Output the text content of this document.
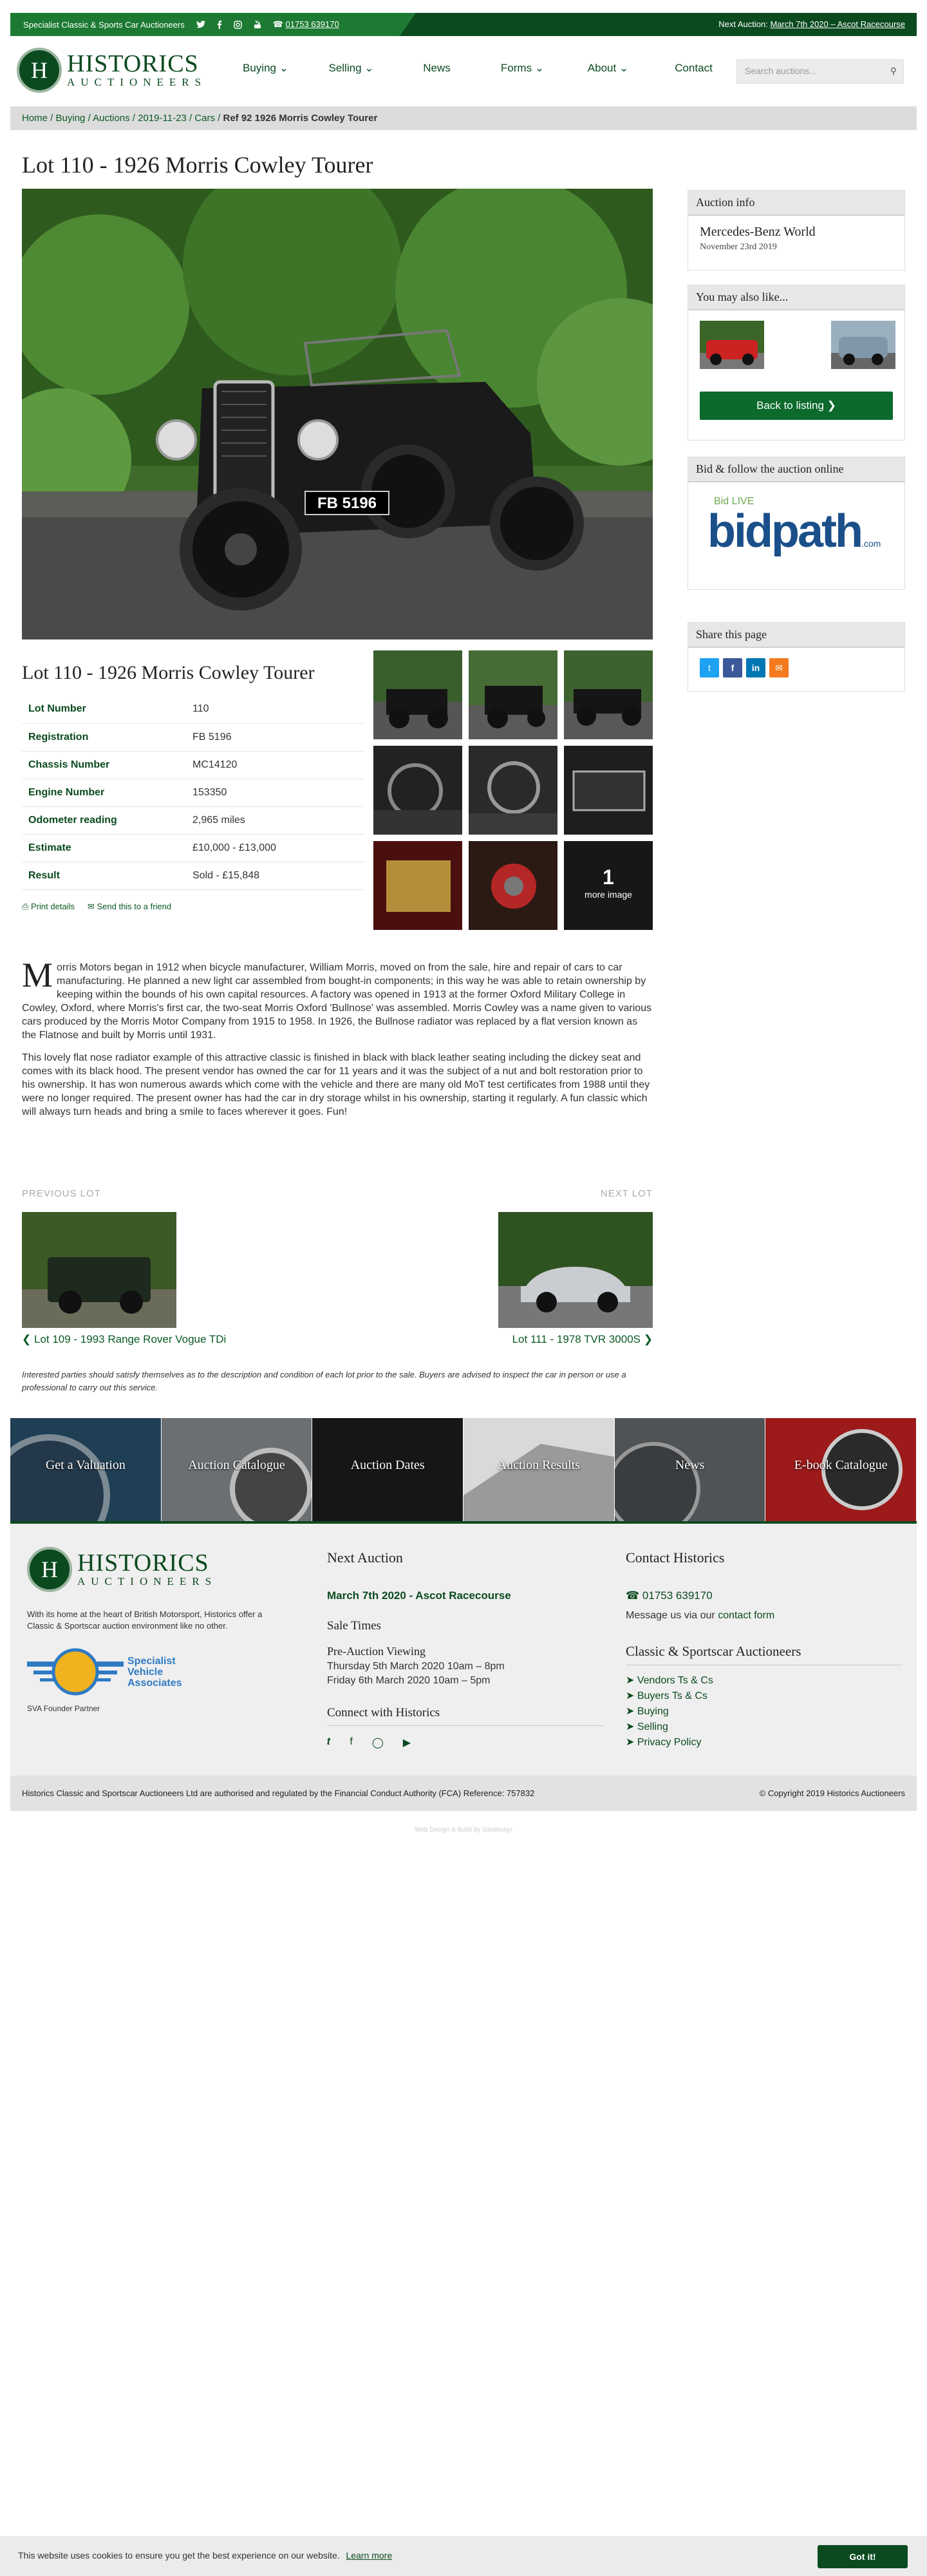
Specialist Classic & Sports Car Auctioneers	☎ 01753 639170	Next Auction: March 7th 2020 – Ascot Racecourse
H HISTORICS
AUCTIONEERS
Buying ⌄	Selling ⌄	News	Forms ⌄	About ⌄	Contact	Search auctions...	⚲
Home / Buying / Auctions / 2019-11-23 / Cars / Ref 92 1926 Morris Cowley Tourer
Lot 110 - 1926 Morris Cowley Tourer
FB 5196
Lot 110 - 1926 Morris Cowley Tourer
Lot Number	110
Registration	FB 5196
Chassis Number	MC14120
Engine Number	153350
Odometer reading	2,965 miles
Estimate	£10,000 - £13,000
Result	Sold - £15,848
⎙ Print details ✉ Send this to a friend
1
more image

Morris Motors began in 1912 when bicycle manufacturer, William Morris, moved on from the sale, hire and repair of cars to car manufacturing. He planned a new light car assembled from bought-in components; in this way he was able to retain ownership by keeping within the bounds of his own capital resources. A factory was opened in 1913 at the former Oxford Military College in Cowley, Oxford, where Morris's first car, the two-seat Morris Oxford 'Bullnose' was assembled. Morris Cowley was a name given to various cars produced by the Morris Motor Company from 1915 to 1958. In 1926, the Bullnose radiator was replaced by a flat version known as the Flatnose and built by Morris until 1931.

This lovely flat nose radiator example of this attractive classic is finished in black with black leather seating including the dickey seat and comes with its black hood. The present vendor has owned the car for 11 years and it was the subject of a nut and bolt restoration prior to his ownership. It has won numerous awards which come with the vehicle and there are many old MoT test certificates from 1988 until they were no longer required. The present owner has had the car in dry storage whilst in his ownership, starting it regularly. A fun classic which will always turn heads and bring a smile to faces wherever it goes. Fun!

PREVIOUS LOT	NEXT LOT
❮ Lot 109 - 1993 Range Rover Vogue TDi	Lot 111 - 1978 TVR 3000S ❯
Interested parties should satisfy themselves as to the description and condition of each lot prior to the sale. Buyers are advised to inspect the car in person or use a professional to carry out this service.
Auction info
Mercedes-Benz World
November 23rd 2019
You may also like...
Back to listing ❯
Bid & follow the auction online
Bid LIVE
bidpath.com
Share this page
t	f	in	✉
Get a Valuation	Auction Catalogue	Auction Dates	Auction Results	News	E-book Catalogue
H HISTORICS
AUCTIONEERS
With its home at the heart of British Motorsport, Historics offer a Classic & Sportscar auction environment like no other.
Specialist
Vehicle
Associates
SVA Founder Partner
Next Auction
March 7th 2020 - Ascot Racecourse
Sale Times
Pre-Auction Viewing
Thursday 5th March 2020 10am – 8pm
Friday 6th March 2020 10am – 5pm
Connect with Historics
𝒕 f ◯ ▶
Contact Historics
☎ 01753 639170
Message us via our contact form
Classic & Sportscar Auctioneers
➤ Vendors Ts & Cs
➤ Buyers Ts & Cs
➤ Buying
➤ Selling
➤ Privacy Policy
Historics Classic and Sportscar Auctioneers Ltd are authorised and regulated by the Financial Conduct Authority (FCA) Reference: 757832	© Copyright 2019 Historics Auctioneers
Web Design & Build by Sitedesign
This website uses cookies to ensure you get the best experience on our website. Learn more	Got it!
